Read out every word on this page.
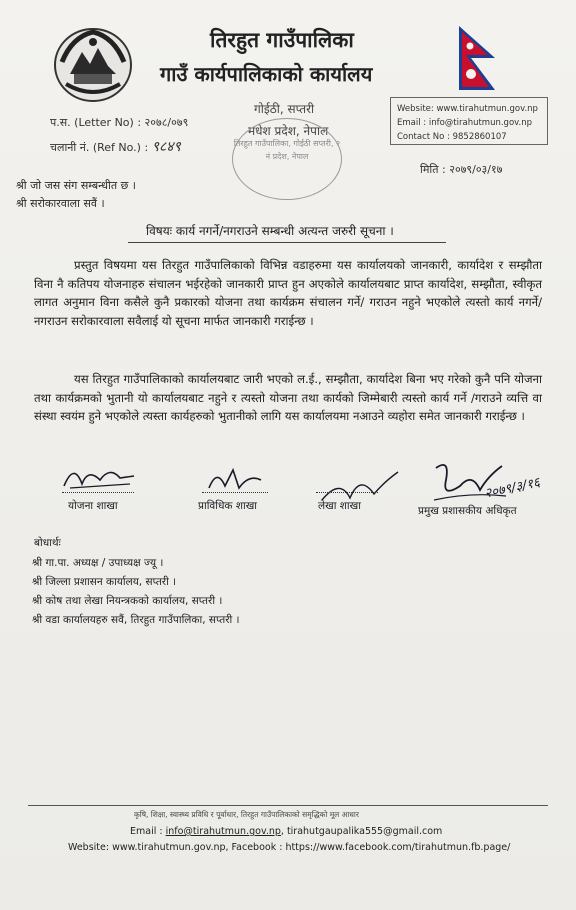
तिरहुत गाउँपालिका
गाउँ कार्यपालिकाको कार्यालय
प.स. (Letter No) : २०७८/०७९
चलानी नं. (Ref No.) : ९८४९
गोईठी, सप्तरी
मधेश प्रदेश, नेपाल
तिरहुत गाउँपालिका, गोईठी सप्तरी, २ नं प्रदेश, नेपाल
Website: www.tirahutmun.gov.np
Email : info@tirahutmun.gov.np
Contact No : 9852860107
मिति : २०७९/०३/१७
श्री जो जस संग सम्बन्धीत छ ।
श्री सरोकारवाला सवैं ।
विषयः कार्य नगर्ने/नगराउने सम्बन्धी अत्यन्त जरुरी सूचना ।
प्रस्तुत विषयमा यस तिरहुत गाउँपालिकाको विभिन्न वडाहरुमा यस कार्यालयको जानकारी, कार्यादेश र सम्झौता विना नै कतिपय योजनाहरु संचालन भईरहेको जानकारी प्राप्त हुन अएकोले कार्यालयबाट प्राप्त कार्यादेश, सम्झौता, स्वीकृत लागत अनुमान विना कसैले कुनै प्रकारको योजना तथा कार्यक्रम संचालन गर्ने/ गराउन नहुने भएकोले त्यस्तो कार्य नगर्ने/ नगराउन सरोकारवाला सवैलाई यो सूचना मार्फत जानकारी गराईन्छ ।
यस तिरहुत गाउँपालिकाको कार्यालयबाट जारी भएको ल.ई., सम्झौता, कार्यादेश बिना भए गरेको कुनै पनि योजना तथा कार्यक्रमको भुतानी यो कार्यालयबाट नहुने र त्यस्तो योजना तथा कार्यको जिम्मेबारी त्यस्तो कार्य गर्ने /गराउने व्यत्ति वा संस्था स्वयंम हुने भएकोले त्यस्ता कार्यहरुको भुतानीको लागि यस कार्यालयमा नआउने व्यहोरा समेत जानकारी गराईन्छ ।
२०७९/३/१६
योजना शाखा	प्राविधिक शाखा	लेखा शाखा	प्रमुख प्रशासकीय अधिकृत
बोधार्थः
श्री गा.पा. अध्यक्ष / उपाध्यक्ष ज्यू ।
श्री जिल्ला प्रशासन कार्यालय, सप्तरी ।
श्री कोष तथा लेखा नियन्त्रकको कार्यालय, सप्तरी ।
श्री वडा कार्यालयहरु सवैं, तिरहुत गाउँपालिका, सप्तरी ।
कृषि, शिक्षा, स्वास्थ्य प्रविधि र पूर्वाधार, तिरहुत गाउँपालिकाको समृद्धिको मूल आधार
Email : info@tirahutmun.gov.np, tirahutgaupalika555@gmail.com
Website: www.tirahutmun.gov.np, Facebook : https://www.facebook.com/tirahutmun.fb.page/
